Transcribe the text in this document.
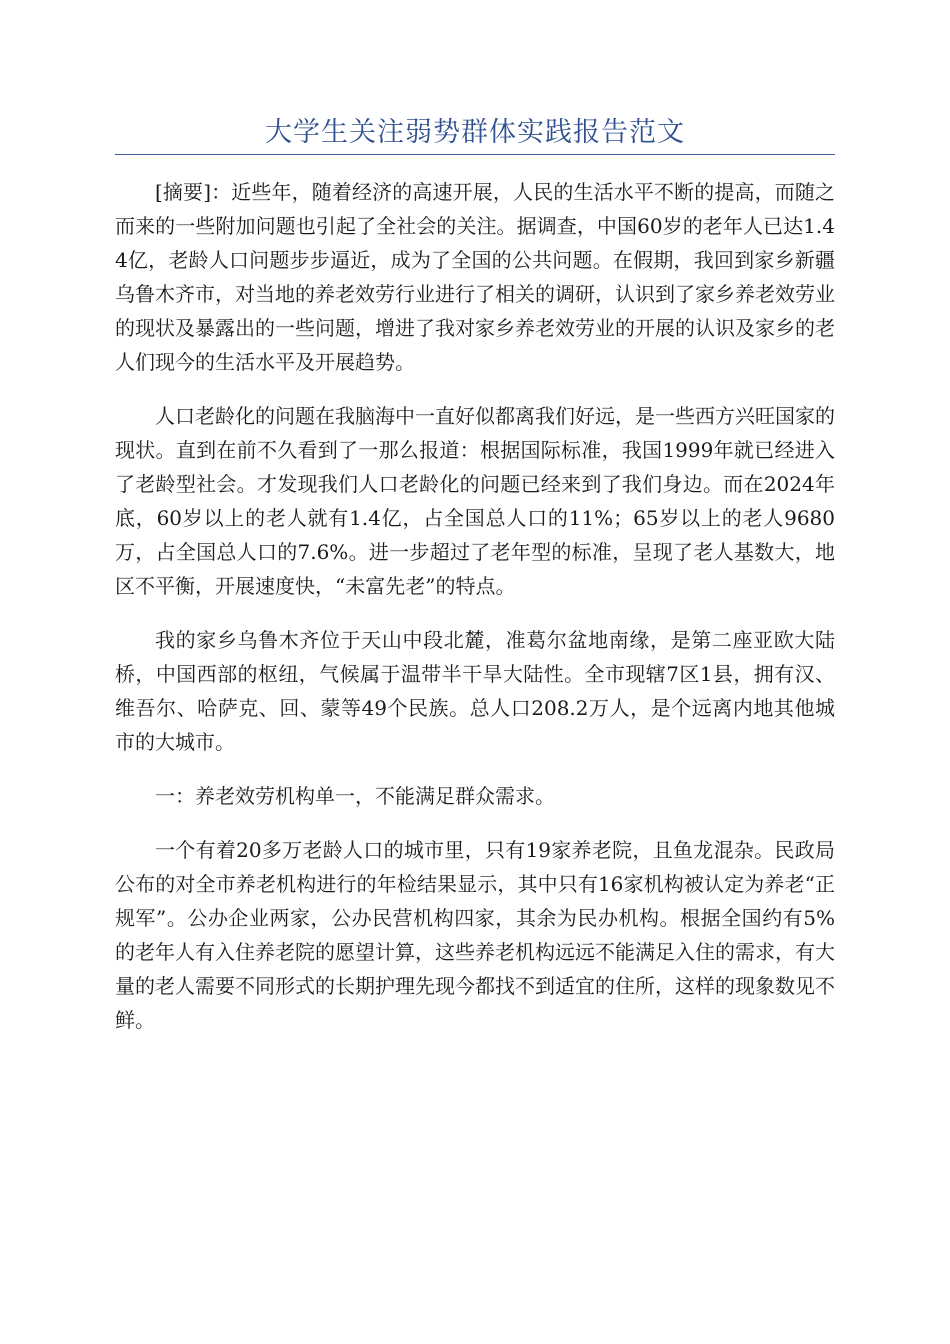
大学生关注弱势群体实践报告范文

[摘要]：近些年，随着经济的高速开展，人民的生活水平不断的提高，而随之而来的一些附加问题也引起了全社会的关注。据调查，中国60岁的老年人已达1.44亿，老龄人口问题步步逼近，成为了全国的公共问题。在假期，我回到家乡新疆乌鲁木齐市，对当地的养老效劳行业进行了相关的调研，认识到了家乡养老效劳业的现状及暴露出的一些问题，增进了我对家乡养老效劳业的开展的认识及家乡的老人们现今的生活水平及开展趋势。

人口老龄化的问题在我脑海中一直好似都离我们好远，是一些西方兴旺国家的现状。直到在前不久看到了一那么报道：根据国际标准，我国1999年就已经进入了老龄型社会。才发现我们人口老龄化的问题已经来到了我们身边。而在2024年底，60岁以上的老人就有1.4亿，占全国总人口的11%；65岁以上的老人9680万，占全国总人口的7.6%。进一步超过了老年型的标准，呈现了老人基数大，地区不平衡，开展速度快，“未富先老”的特点。

我的家乡乌鲁木齐位于天山中段北麓，准葛尔盆地南缘，是第二座亚欧大陆桥，中国西部的枢纽，气候属于温带半干旱大陆性。全市现辖7区1县，拥有汉、维吾尔、哈萨克、回、蒙等49个民族。总人口208.2万人，是个远离内地其他城市的大城市。

一：养老效劳机构单一，不能满足群众需求。

一个有着20多万老龄人口的城市里，只有19家养老院，且鱼龙混杂。民政局公布的对全市养老机构进行的年检结果显示，其中只有16家机构被认定为养老“正规军”。公办企业两家，公办民营机构四家，其余为民办机构。根据全国约有5%的老年人有入住养老院的愿望计算，这些养老机构远远不能满足入住的需求，有大量的老人需要不同形式的长期护理先现今都找不到适宜的住所，这样的现象数见不鲜。
